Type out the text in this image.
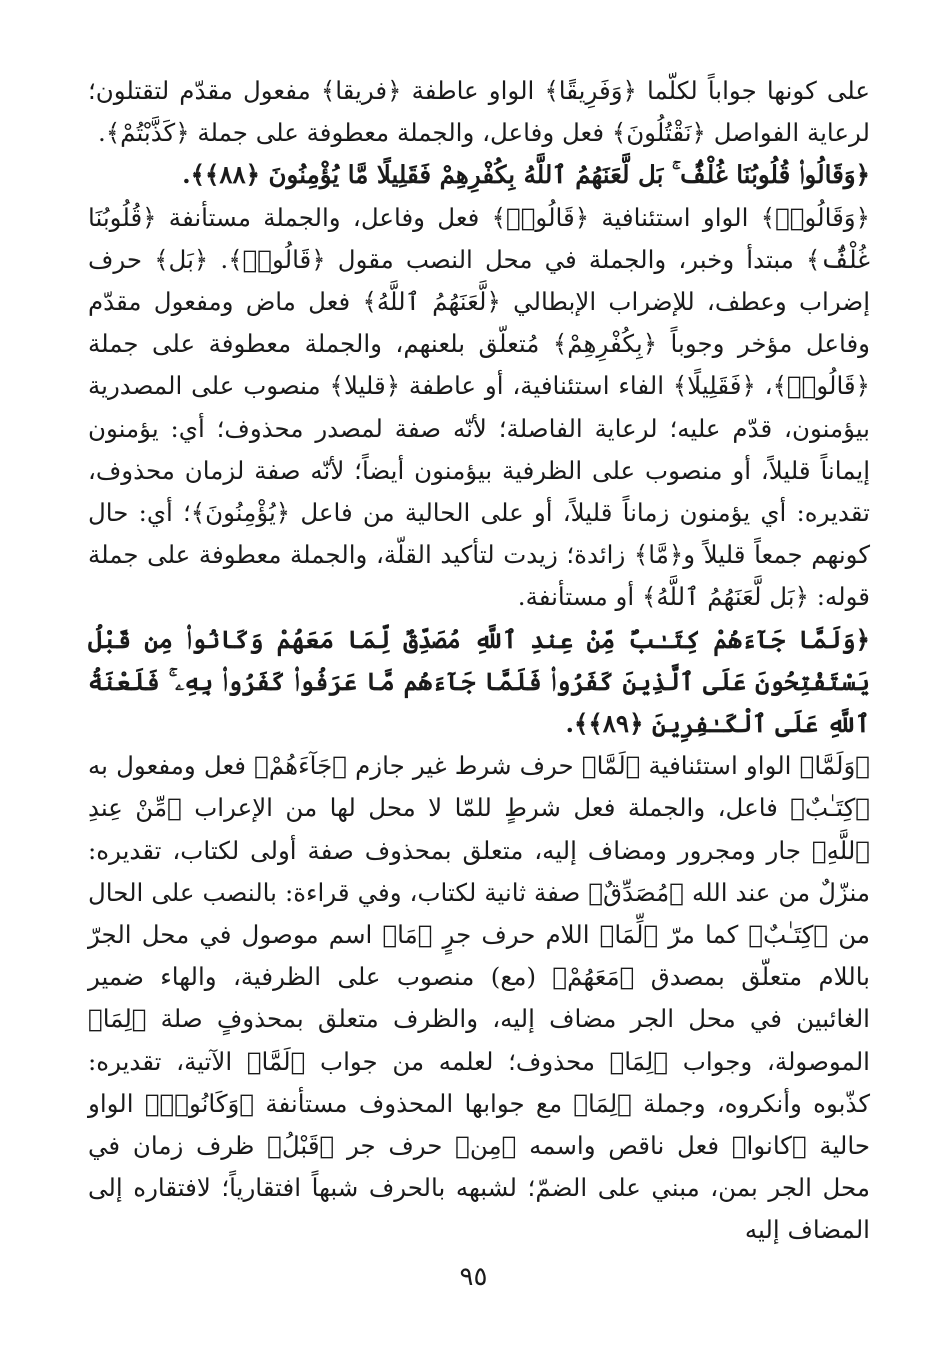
على كونها جواباً لكلّما ﴿وَفَرِيقًا﴾ الواو عاطفة ﴿فريقا﴾ مفعول مقدّم لتقتلون؛ لرعاية الفواصل ﴿نَقْتُلُونَ﴾ فعل وفاعل، والجملة معطوفة على جملة ﴿كَذَّبْتُمْ﴾.

﴿وَقَالُوا۟ قُلُوبُنَا غُلْفٌۢ ۚ بَل لَّعَنَهُمُ ٱللَّهُ بِكُفْرِهِمْ فَقَلِيلًا مَّا يُؤْمِنُونَ ﴿٨٨﴾﴾.

﴿وَقَالُوا۟﴾ الواو استئنافية ﴿قَالُوا۟﴾ فعل وفاعل، والجملة مستأنفة ﴿قُلُوبُنَا غُلْفٌۢ﴾ مبتدأ وخبر، والجملة في محل النصب مقول ﴿قَالُوا۟﴾. ﴿بَل﴾ حرف إضراب وعطف، للإضراب الإبطالي ﴿لَّعَنَهُمُ ٱللَّهُ﴾ فعل ماض ومفعول مقدّم وفاعل مؤخر وجوباً ﴿بِكُفْرِهِمْ﴾ مُتعلّق بلعنهم، والجملة معطوفة على جملة ﴿قَالُوا۟﴾، ﴿فَقَلِيلًا﴾ الفاء استئنافية، أو عاطفة ﴿قليلا﴾ منصوب على المصدرية بيؤمنون، قدّم عليه؛ لرعاية الفاصلة؛ لأنّه صفة لمصدر محذوف؛ أي: يؤمنون إيماناً قليلاً، أو منصوب على الظرفية بيؤمنون أيضاً؛ لأنّه صفة لزمان محذوف، تقديره: أي يؤمنون زماناً قليلاً، أو على الحالية من فاعل ﴿يُؤْمِنُونَ﴾؛ أي: حال كونهم جمعاً قليلاً و﴿مَّا﴾ زائدة؛ زيدت لتأكيد القلّة، والجملة معطوفة على جملة قوله: ﴿بَل لَّعَنَهُمُ ٱللَّهُ﴾ أو مستأنفة.

﴿وَلَمَّا جَآءَهُمْ كِتَـٰبٌ مِّنْ عِندِ ٱللَّهِ مُصَدِّقٌ لِّمَا مَعَهُمْ وَكَانُوا۟ مِن قَبْلُ يَسْتَفْتِحُونَ عَلَى ٱلَّذِينَ كَفَرُوا۟ فَلَمَّا جَآءَهُم مَّا عَرَفُوا۟ كَفَرُوا۟ بِهِۦ ۚ فَلَعْنَةُ ٱللَّهِ عَلَى ٱلْكَـٰفِرِينَ ﴿٨٩﴾﴾.

﴿وَلَمَّا﴾ الواو استئنافية ﴿لَمَّا﴾ حرف شرط غير جازم ﴿جَآءَهُمْ﴾ فعل ومفعول به ﴿كِتَـٰبٌ﴾ فاعل، والجملة فعل شرطٍ للمّا لا محل لها من الإعراب ﴿مِّنْ عِندِ ٱللَّهِ﴾ جار ومجرور ومضاف إليه، متعلق بمحذوف صفة أولى لكتاب، تقديره: منزّلٌ من عند الله ﴿مُصَدِّقٌ﴾ صفة ثانية لكتاب، وفي قراءة: بالنصب على الحال من ﴿كِتَـٰبٌ﴾ كما مرّ ﴿لِّمَا﴾ اللام حرف جرٍ ﴿مَا﴾ اسم موصول في محل الجرّ باللام متعلّق بمصدق ﴿مَعَهُمْ﴾ (مع) منصوب على الظرفية، والهاء ضمير الغائبين في محل الجر مضاف إليه، والظرف متعلق بمحذوفٍ صلة ﴿لِمَا﴾ الموصولة، وجواب ﴿لِمَا﴾ محذوف؛ لعلمه من جواب ﴿لَمَّا﴾ الآتية، تقديره: كذّبوه وأنكروه، وجملة ﴿لِمَا﴾ مع جوابها المحذوف مستأنفة ﴿وَكَانُوا۟﴾ الواو حالية ﴿كانوا﴾ فعل ناقص واسمه ﴿مِن﴾ حرف جر ﴿قَبْلُ﴾ ظرف زمان في محل الجر بمن، مبني على الضمّ؛ لشبهه بالحرف شبهاً افتقارياً؛ لافتقاره إلى المضاف إليه

٩٥
